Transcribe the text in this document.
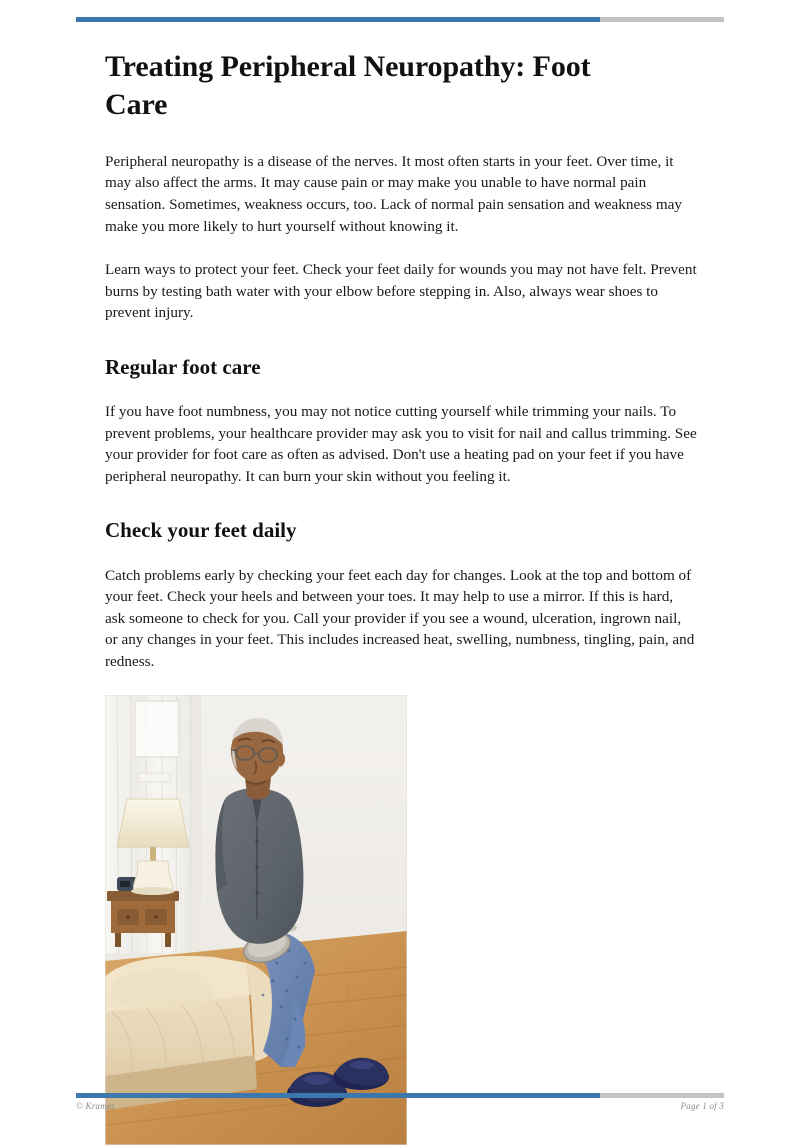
Treating Peripheral Neuropathy: Foot Care

Peripheral neuropathy is a disease of the nerves. It most often starts in your feet. Over time, it may also affect the arms. It may cause pain or may make you unable to have normal pain sensation. Sometimes, weakness occurs, too. Lack of normal pain sensation and weakness may make you more likely to hurt yourself without knowing it.

Learn ways to protect your feet. Check your feet daily for wounds you may not have felt. Prevent burns by testing bath water with your elbow before stepping in. Also, always wear shoes to prevent injury.

Regular foot care

If you have foot numbness, you may not notice cutting yourself while trimming your nails. To prevent problems, your healthcare provider may ask you to visit for nail and callus trimming. See your provider for foot care as often as advised. Don't use a heating pad on your feet if you have peripheral neuropathy. It can burn your skin without you feeling it.

Check your feet daily

Catch problems early by checking your feet each day for changes. Look at the top and bottom of your feet. Check your heels and between your toes. It may help to use a mirror. If this is hard, ask someone to check for you. Call your provider if you see a wound, ulceration, ingrown nail, or any changes in your feet. This includes increased heat, swelling, numbness, tingling, pain, and redness.

© Krames	Page 1 of 3
